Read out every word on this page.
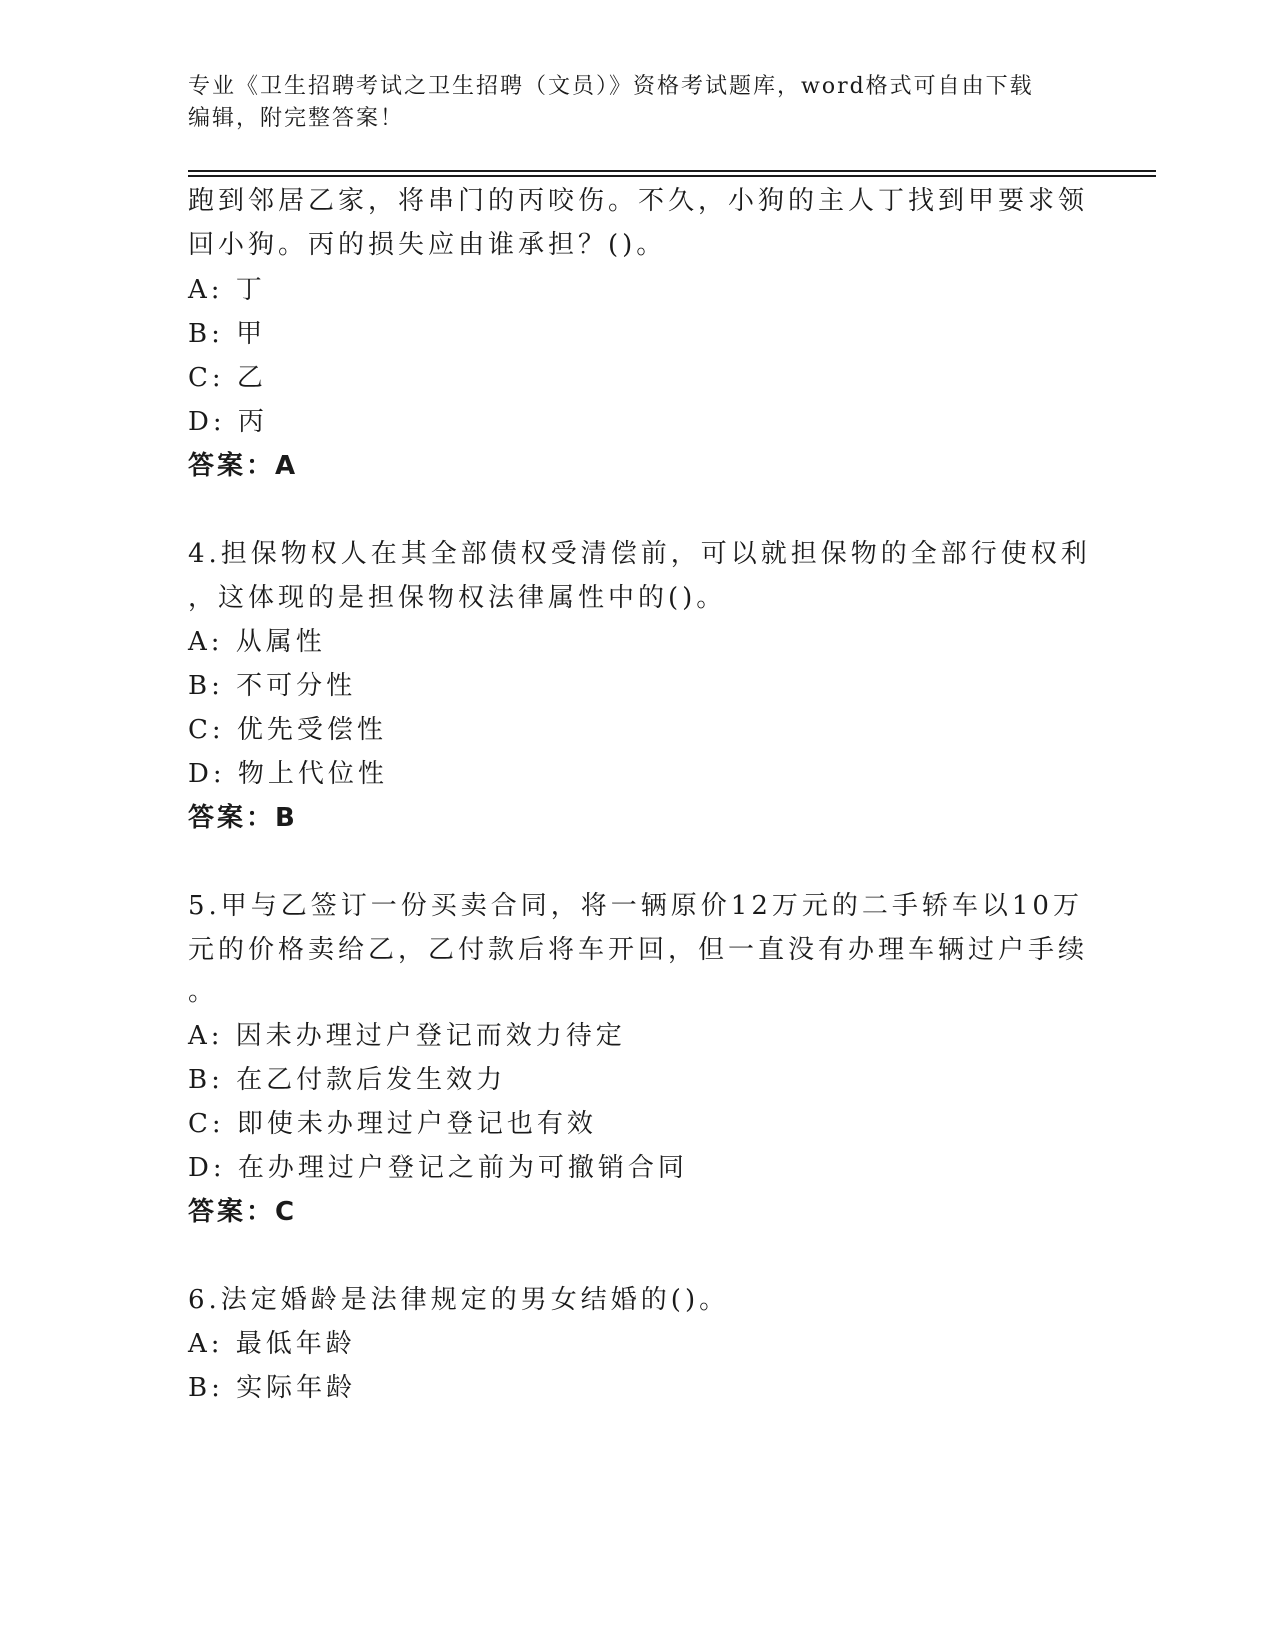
专业《卫生招聘考试之卫生招聘（文员）》资格考试题库，word格式可自由下载
编辑，附完整答案！
跑到邻居乙家，将串门的丙咬伤。不久，小狗的主人丁找到甲要求领
回小狗。丙的损失应由谁承担？()。
A: 丁
B: 甲
C: 乙
D: 丙
答案：A
4.担保物权人在其全部债权受清偿前，可以就担保物的全部行使权利
，这体现的是担保物权法律属性中的()。
A: 从属性
B: 不可分性
C: 优先受偿性
D: 物上代位性
答案：B
5.甲与乙签订一份买卖合同，将一辆原价12万元的二手轿车以10万
元的价格卖给乙，乙付款后将车开回，但一直没有办理车辆过户手续
。
A: 因未办理过户登记而效力待定
B: 在乙付款后发生效力
C: 即使未办理过户登记也有效
D: 在办理过户登记之前为可撤销合同
答案：C
6.法定婚龄是法律规定的男女结婚的()。
A: 最低年龄
B: 实际年龄
